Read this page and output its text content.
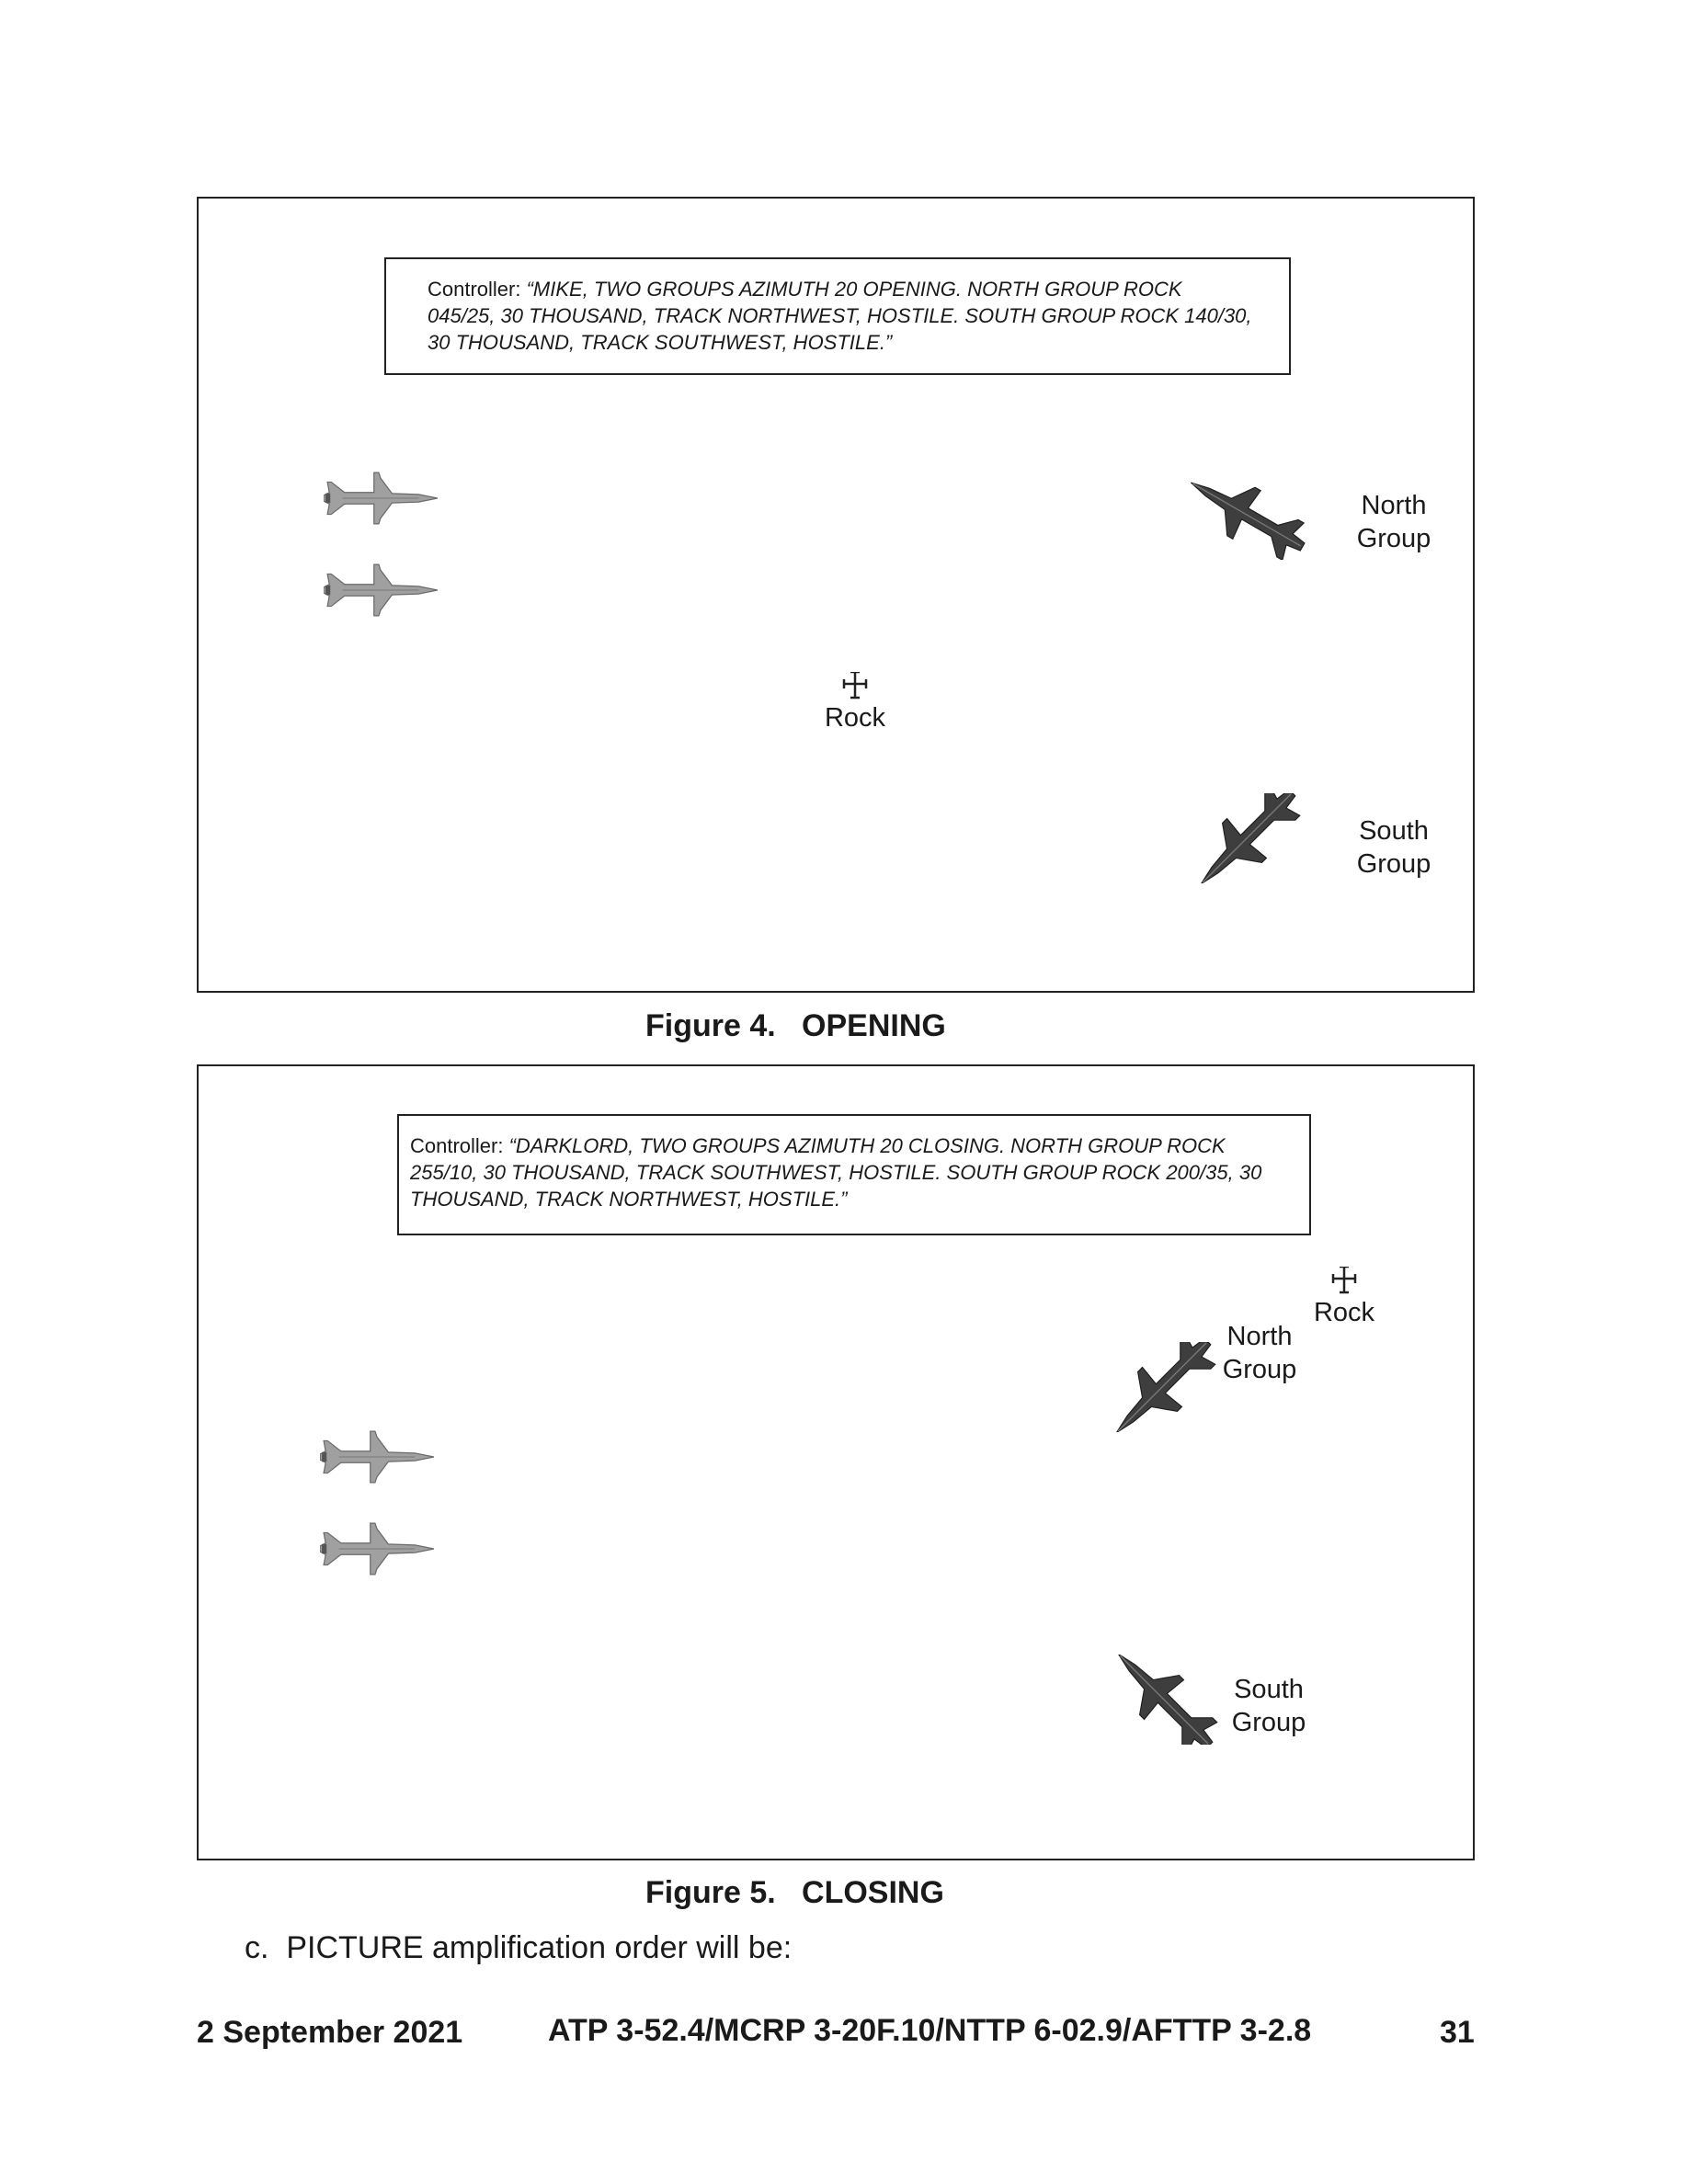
Controller: “MIKE, TWO GROUPS AZIMUTH 20 OPENING. NORTH GROUP ROCK 045/25, 30 THOUSAND, TRACK NORTHWEST, HOSTILE. SOUTH GROUP ROCK 140/30, 30 THOUSAND, TRACK SOUTHWEST, HOSTILE.”
Rock
North
Group
South
Group
Figure 4.   OPENING
Controller: “DARKLORD, TWO GROUPS AZIMUTH 20 CLOSING. NORTH GROUP ROCK 255/10, 30 THOUSAND, TRACK SOUTHWEST, HOSTILE. SOUTH GROUP ROCK 200/35, 30 THOUSAND, TRACK NORTHWEST, HOSTILE.”
Rock
North
Group
South
Group
Figure 5.   CLOSING
c.  PICTURE amplification order will be:
2 September 2021	ATP 3-52.4/MCRP 3-20F.10/NTTP 6-02.9/AFTTP 3-2.8	31
